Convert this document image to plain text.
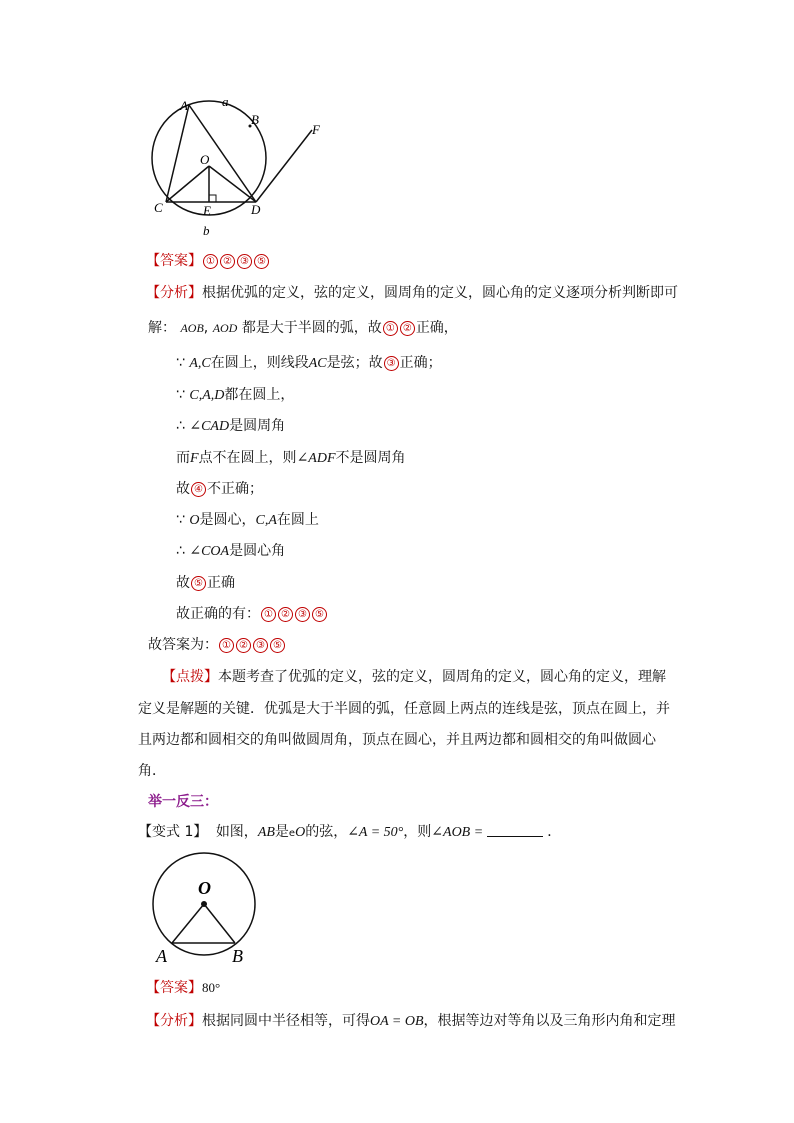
A	a
B
F
O
C	E	D
b
【答案】 ① ② ③ ⑤
【分析】根据优弧的定义，弦的定义，圆周角的定义，圆心角的定义逐项分析判断即可
解： AOB, AOD 都是大于半圆的弧，故 ① ② 正确，
∵ A,C在圆上，则线段AC是弦；故 ③ 正确；
∵ C,A,D都在圆上，
∴ ∠CAD是圆周角
而F点不在圆上，则∠ADF不是圆周角
故 ④ 不正确；
∵ O是圆心，C,A在圆上
∴ ∠COA是圆心角
故 ⑤ 正确
故正确的有： ① ② ③ ⑤
故答案为： ① ② ③ ⑤
【点拨】本题考查了优弧的定义，弦的定义，圆周角的定义，圆心角的定义，理解
定义是解题的关键．优弧是大于半圆的弧，任意圆上两点的连线是弦，顶点在圆上，并
且两边都和圆相交的角叫做圆周角，顶点在圆心，并且两边都和圆相交的角叫做圆心
角．
举一反三：
【变式 1】 如图，AB是eO的弦，∠A = 50°，则∠AOB =	．
O
A	B
【答案】80°
【分析】根据同圆中半径相等，可得OA = OB，根据等边对等角以及三角形内角和定理
